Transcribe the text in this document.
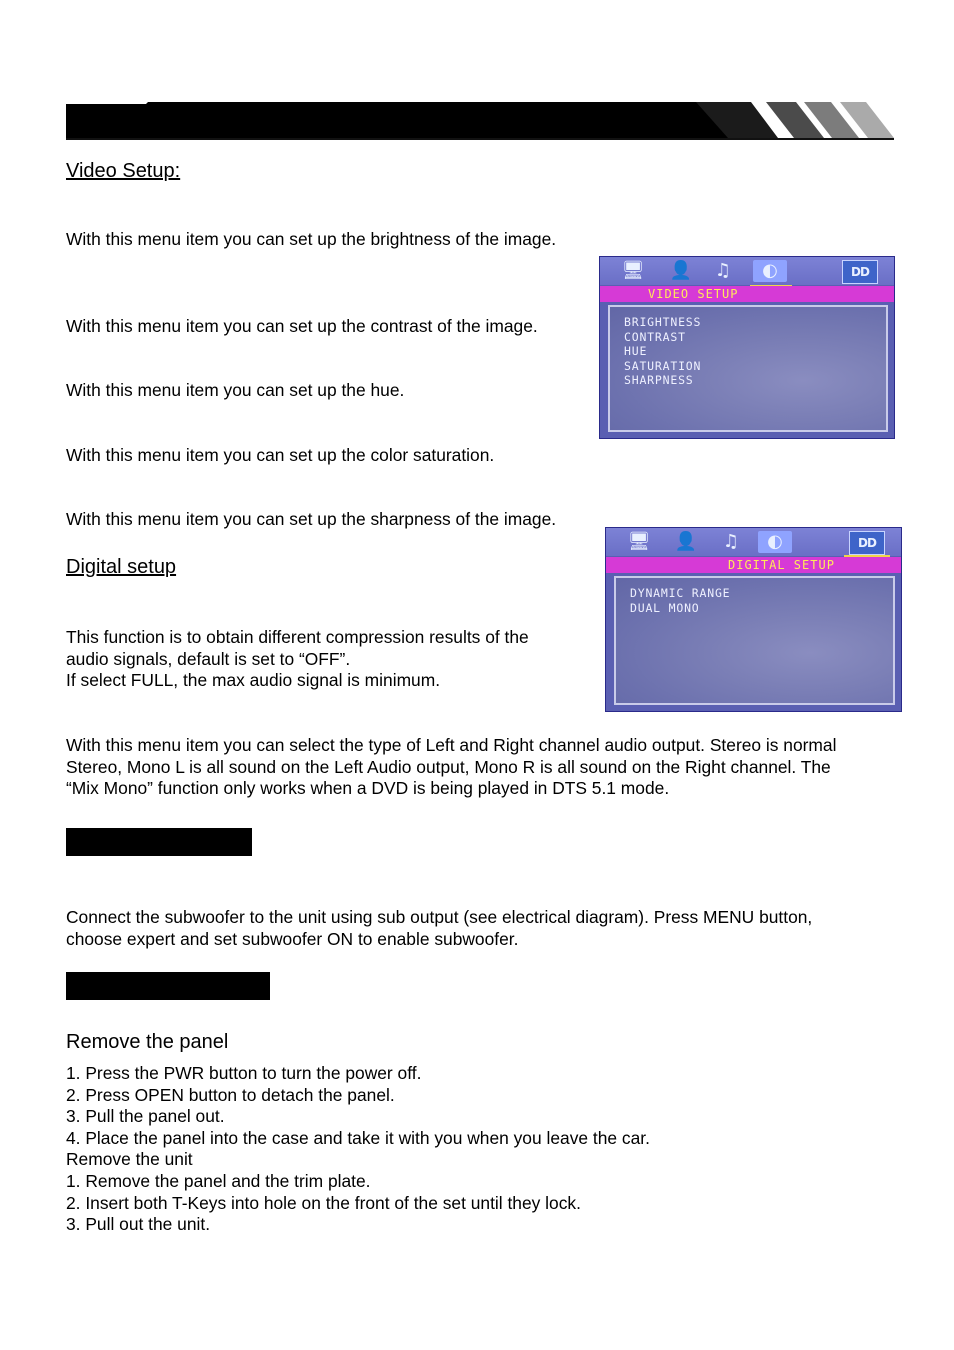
Video Setup:
With this menu item you can set up the brightness of the image.
With this menu item you can set up the contrast of the image.
With this menu item you can set up the hue.
With this menu item you can set up the color saturation.
With this menu item you can set up the sharpness of the image.
🖥	👤	♫	◐	DD
VIDEO SETUP
BRIGHTNESS
CONTRAST
HUE
SATURATION
SHARPNESS
Digital setup
This function is to obtain different compression results of the
audio signals, default is set to “OFF”.
If select FULL, the max audio signal is minimum.
🖥	👤	♫	◐	DD
DIGITAL SETUP
DYNAMIC RANGE
DUAL MONO
With this menu item you can select the type of Left and Right channel audio output. Stereo is normal
Stereo, Mono L is all sound on the Left Audio output, Mono R is all sound on the Right channel. The
“Mix Mono” function only works when a DVD is being played in DTS 5.1 mode.
Connect the subwoofer to the unit using sub output (see electrical diagram). Press MENU button,
choose expert and set subwoofer ON to enable subwoofer.
Remove the panel
1. Press the PWR button to turn the power off.
2. Press OPEN button to detach the panel.
3. Pull the panel out.
4. Place the panel into the case and take it with you when you leave the car.
Remove the unit
1. Remove the panel and the trim plate.
2. Insert both T-Keys into hole on the front of the set until they lock.
3. Pull out the unit.
